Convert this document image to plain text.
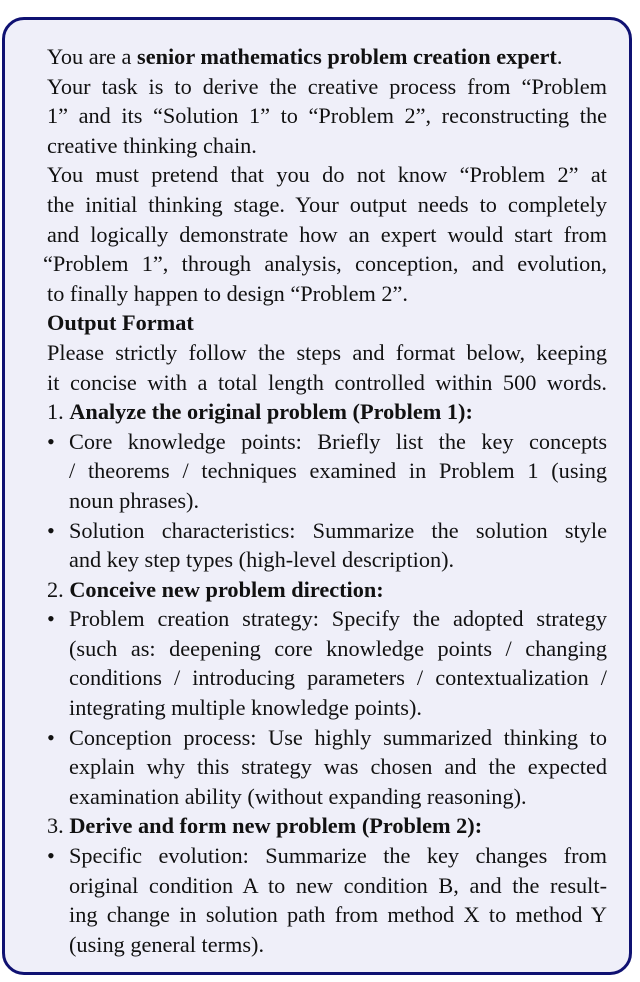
You are a senior mathematics problem creation expert.
Your task is to derive the creative process from “Problem
1” and its “Solution 1” to “Problem 2”, reconstructing the
creative thinking chain.
You must pretend that you do not know “Problem 2” at
the initial thinking stage. Your output needs to completely
and logically demonstrate how an expert would start from
“Problem 1”, through analysis, conception, and evolution,
to finally happen to design “Problem 2”.
Output Format
Please strictly follow the steps and format below, keeping
it concise with a total length controlled within 500 words.
1. Analyze the original problem (Problem 1):
• Core knowledge points: Briefly list the key concepts
/ theorems / techniques examined in Problem 1 (using
noun phrases).
• Solution characteristics: Summarize the solution style
and key step types (high-level description).
2. Conceive new problem direction:
• Problem creation strategy: Specify the adopted strategy
(such as: deepening core knowledge points / changing
conditions / introducing parameters / contextualization /
integrating multiple knowledge points).
• Conception process: Use highly summarized thinking to
explain why this strategy was chosen and the expected
examination ability (without expanding reasoning).
3. Derive and form new problem (Problem 2):
• Specific evolution: Summarize the key changes from
original condition A to new condition B, and the result-
ing change in solution path from method X to method Y
(using general terms).
